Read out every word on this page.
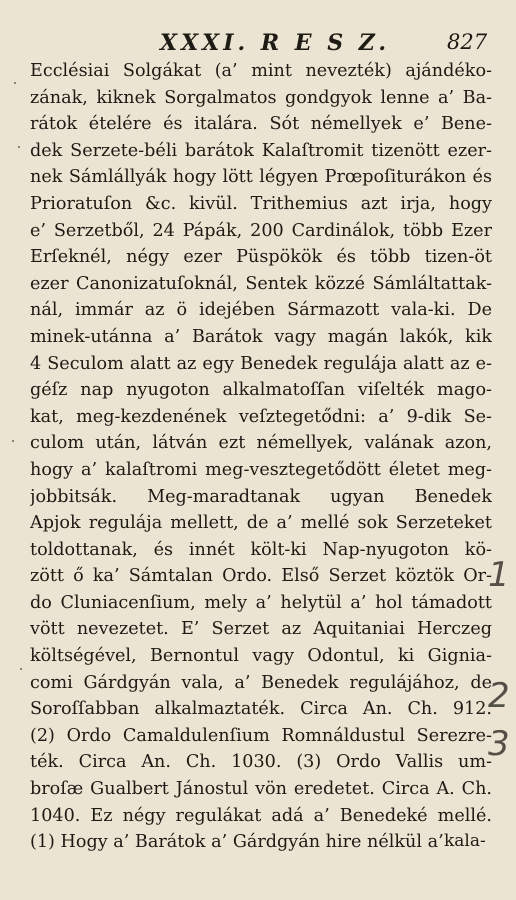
XXXI. R E S Z.	827
Ecclésiai Solgákat (a’ mint nevezték) ajándéko-
zának, kiknek Sorgalmatos gondgyok lenne a’ Ba-
rátok ételére és italára. Sót némellyek e’ Bene-
dek Serzete-béli barátok Kalaſtromit tizenött ezer-
nek Sámlállyák hogy lött légyen Prœpoſiturákon és
Prioratuſon &c. kivül. Trithemius azt irja, hogy
e’ Serzetből, 24 Pápák, 200 Cardinálok, több Ezer
Erſeknél, négy ezer Püspökök és több tizen-öt
ezer Canonizatuſoknál, Sentek közzé Sámláltattak-
nál, immár az ö idejében Sármazott vala-ki. De
minek-utánna a’ Barátok vagy magán lakók, kik
4 Seculom alatt az egy Benedek regulája alatt az e-
géſz nap nyugoton alkalmatoſſan viſelték mago-
kat, meg-kezdenének veſztegetődni: a’ 9-dik Se-
culom után, látván ezt némellyek, valának azon,
hogy a’ kalaſtromi meg-vesztegetődött életet meg-
jobbitsák. Meg-maradtanak ugyan Benedek
Apjok regulája mellett, de a’ mellé sok Serzeteket
toldottanak, és innét költ-ki Nap-nyugoton kö-
zött ő ka’ Sámtalan Ordo. Első Serzet köztök Or-
do Cluniacenſium, mely a’ helytül a’ hol támadott
vött nevezetet. E’ Serzet az Aquitaniai Herczeg
költségével, Bernontul vagy Odontul, ki Gignia-
comi Gárdgyán vala, a’ Benedek regulájához, de
Soroſſabban alkalmaztaték. Circa An. Ch. 912.
(2) Ordo Camaldulenſium Romnáldustul Serezre-
ték. Circa An. Ch. 1030. (3) Ordo Vallis um-
broſæ Gualbert Jánostul vön eredetet. Circa A. Ch.
1040. Ez négy regulákat adá a’ Benedeké mellé.
(1) Hogy a’ Barátok a’ Gárdgyán hire nélkül a’ kala-
1
2
3
